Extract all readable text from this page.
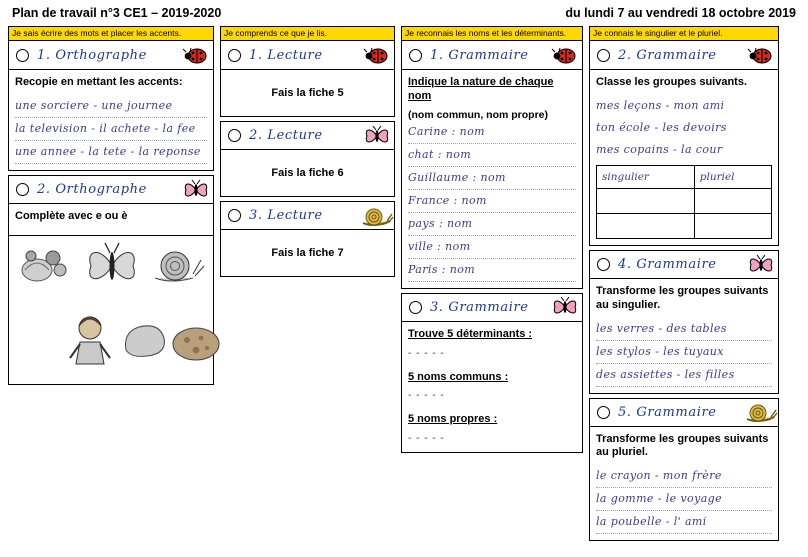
Plan de travail n°3 CE1 – 2019-2020	du lundi 7 au vendredi 18 octobre 2019
Je sais écrire des mots et placer les accents.
1. Orthographe
Recopie en mettant les accents:
une sorciere - une journee
la television - il achete - la fee
une annee - la tete - la reponse
2. Orthographe
Complète avec e ou è
Je comprends ce que je lis.
1. Lecture
Fais la fiche 5
2. Lecture
Fais la fiche 6
3. Lecture
Fais la fiche 7
Je reconnais les noms et les déterminants.
1. Grammaire
Indique la nature de chaque nom
(nom commun, nom propre)
Carine : nom
chat : nom
Guillaume : nom
France : nom
pays : nom
ville : nom
Paris : nom
3. Grammaire
Trouve 5 déterminants :
- - - - -
5 noms communs :
- - - - -
5 noms propres :
- - - - -
Je connais le singulier et le pluriel.
2. Grammaire
Classe les groupes suivants.
mes leçons - mon ami
ton école - les devoirs
mes copains - la cour
singulier	pluriel

4. Grammaire
Transforme les groupes suivants au singulier.
les verres - des tables
les stylos - les tuyaux
des assiettes - les filles
5. Grammaire
Transforme les groupes suivants au pluriel.
le crayon - mon frère
la gomme - le voyage
la poubelle - l' ami
